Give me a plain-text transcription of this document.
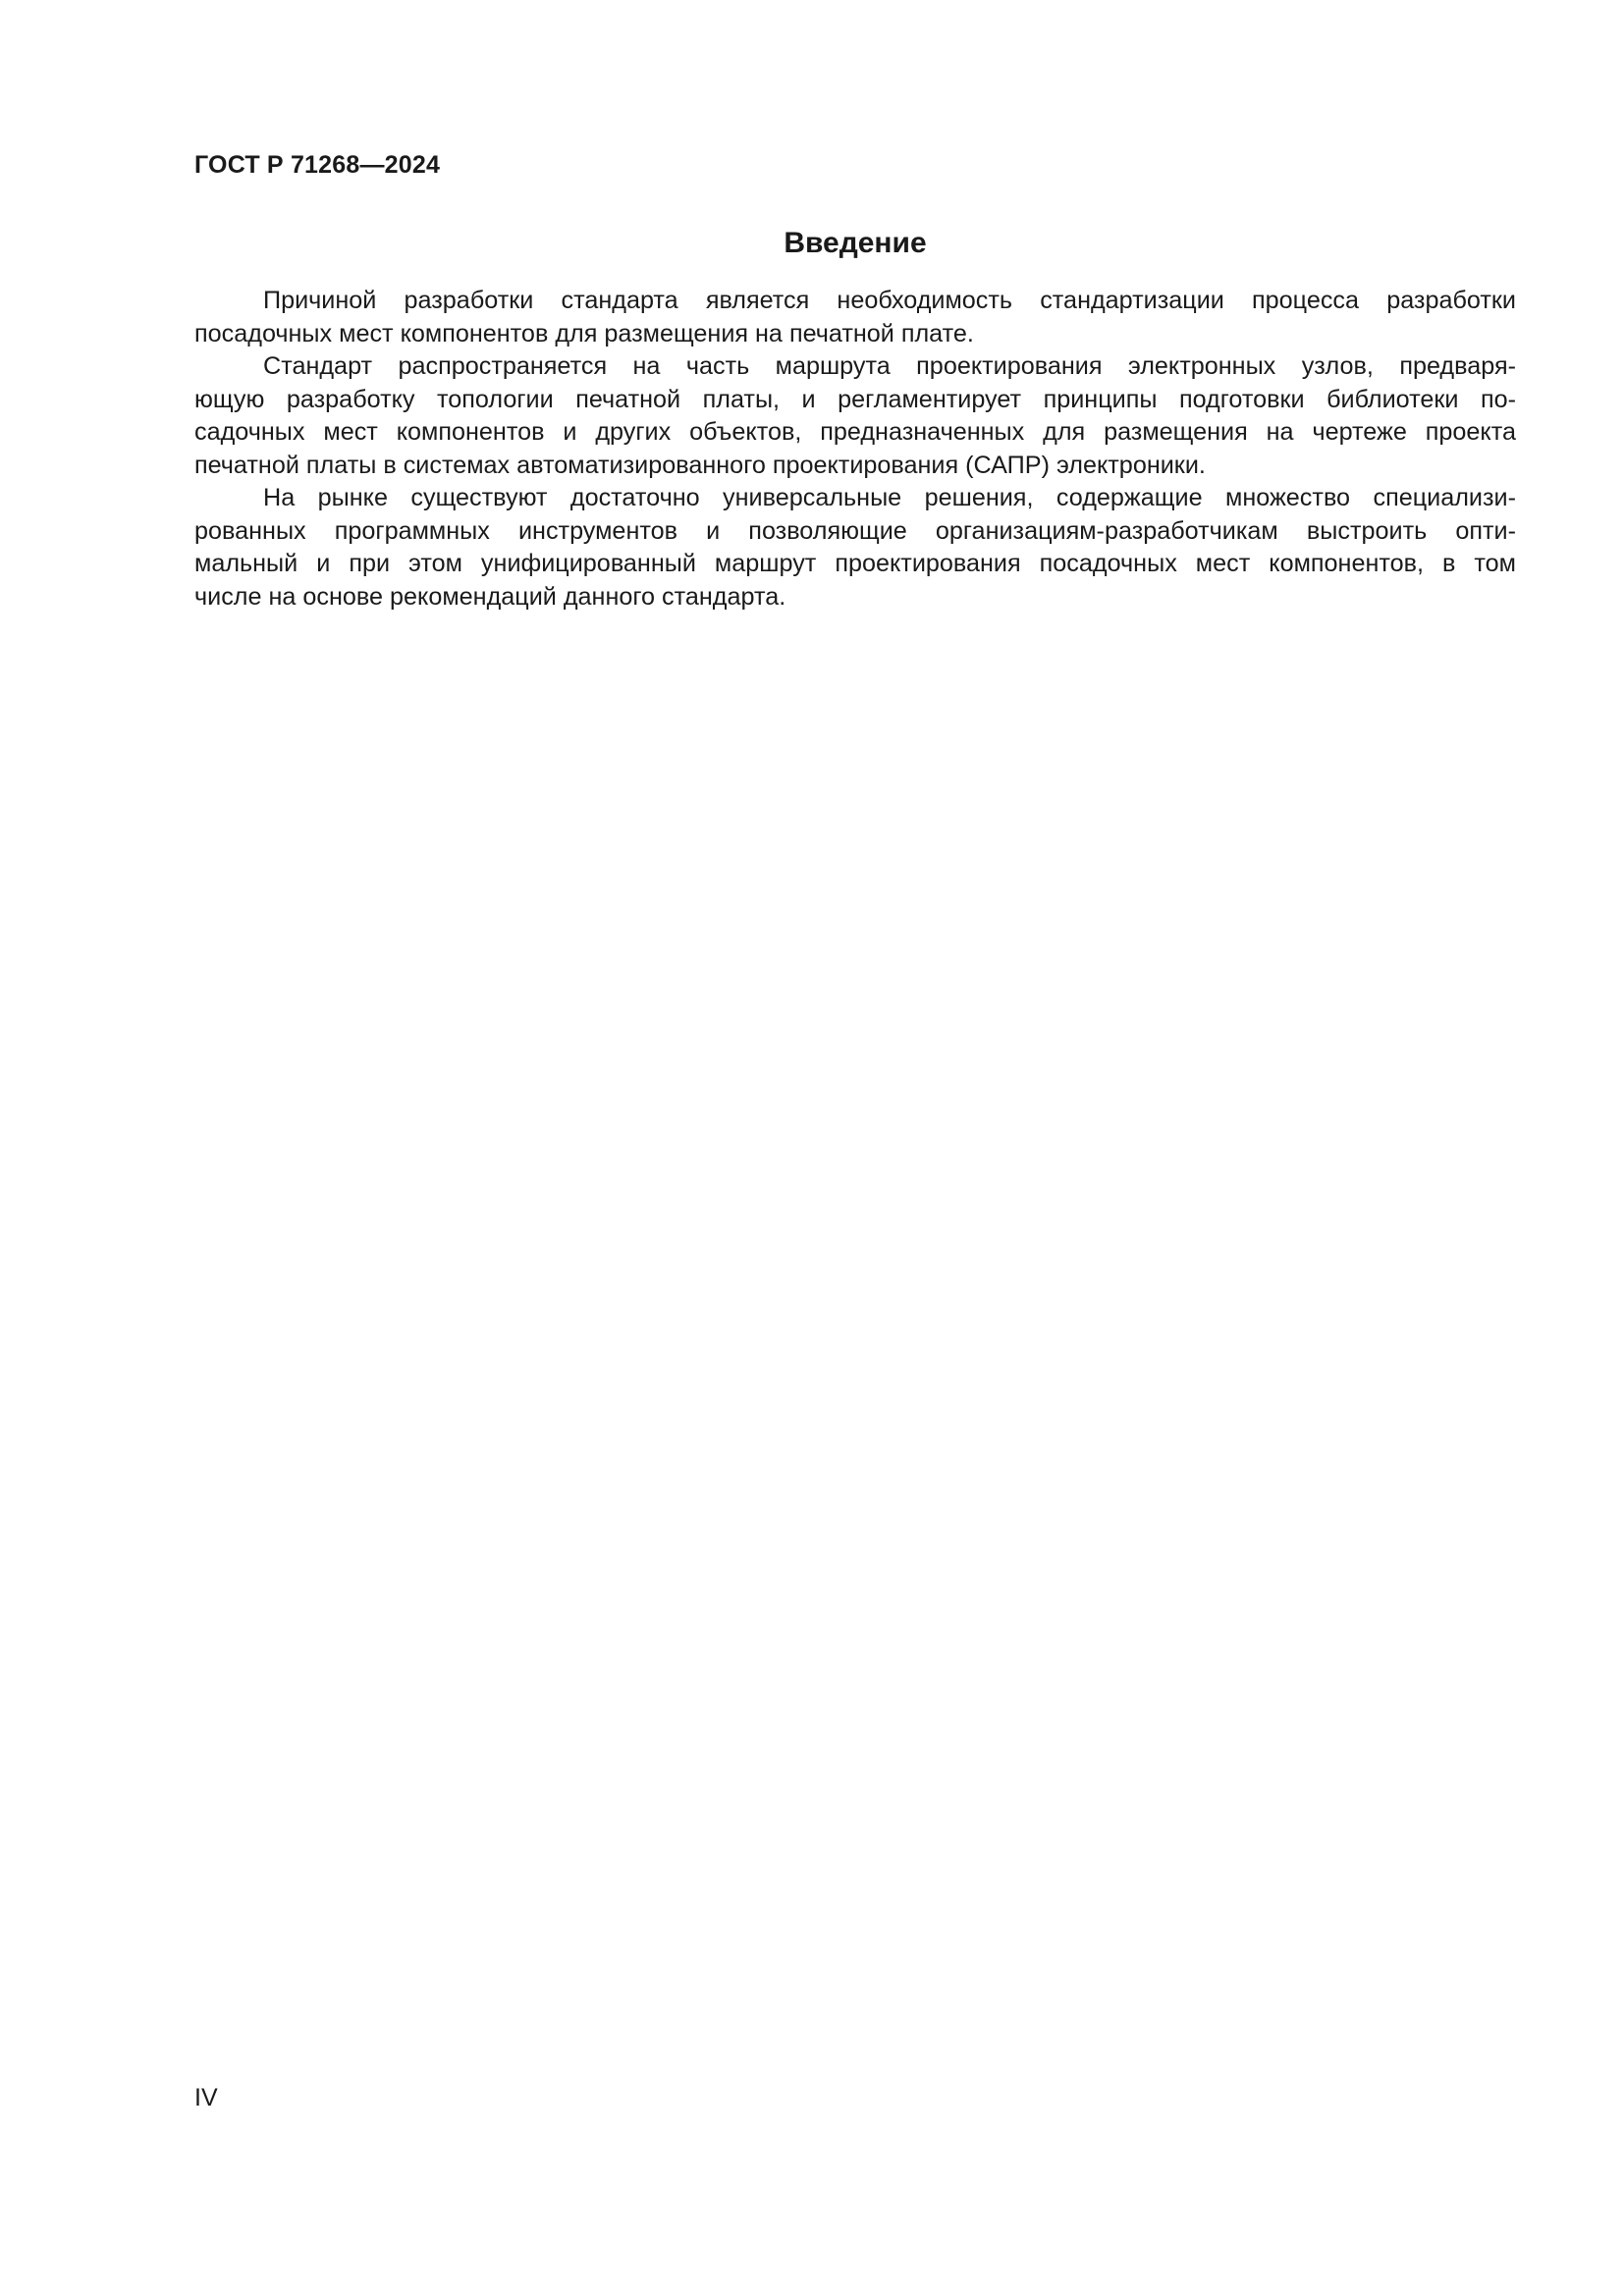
ГОСТ Р 71268—2024
Введение
Причиной разработки стандарта является необходимость стандартизации процесса разработки
посадочных мест компонентов для размещения на печатной плате.
Стандарт распространяется на часть маршрута проектирования электронных узлов, предваря-
ющую разработку топологии печатной платы, и регламентирует принципы подготовки библиотеки по-
садочных мест компонентов и других объектов, предназначенных для размещения на чертеже проекта
печатной платы в системах автоматизированного проектирования (САПР) электроники.
На рынке существуют достаточно универсальные решения, содержащие множество специализи-
рованных программных инструментов и позволяющие организациям-разработчикам выстроить опти-
мальный и при этом унифицированный маршрут проектирования посадочных мест компонентов, в том
числе на основе рекомендаций данного стандарта.
IV
